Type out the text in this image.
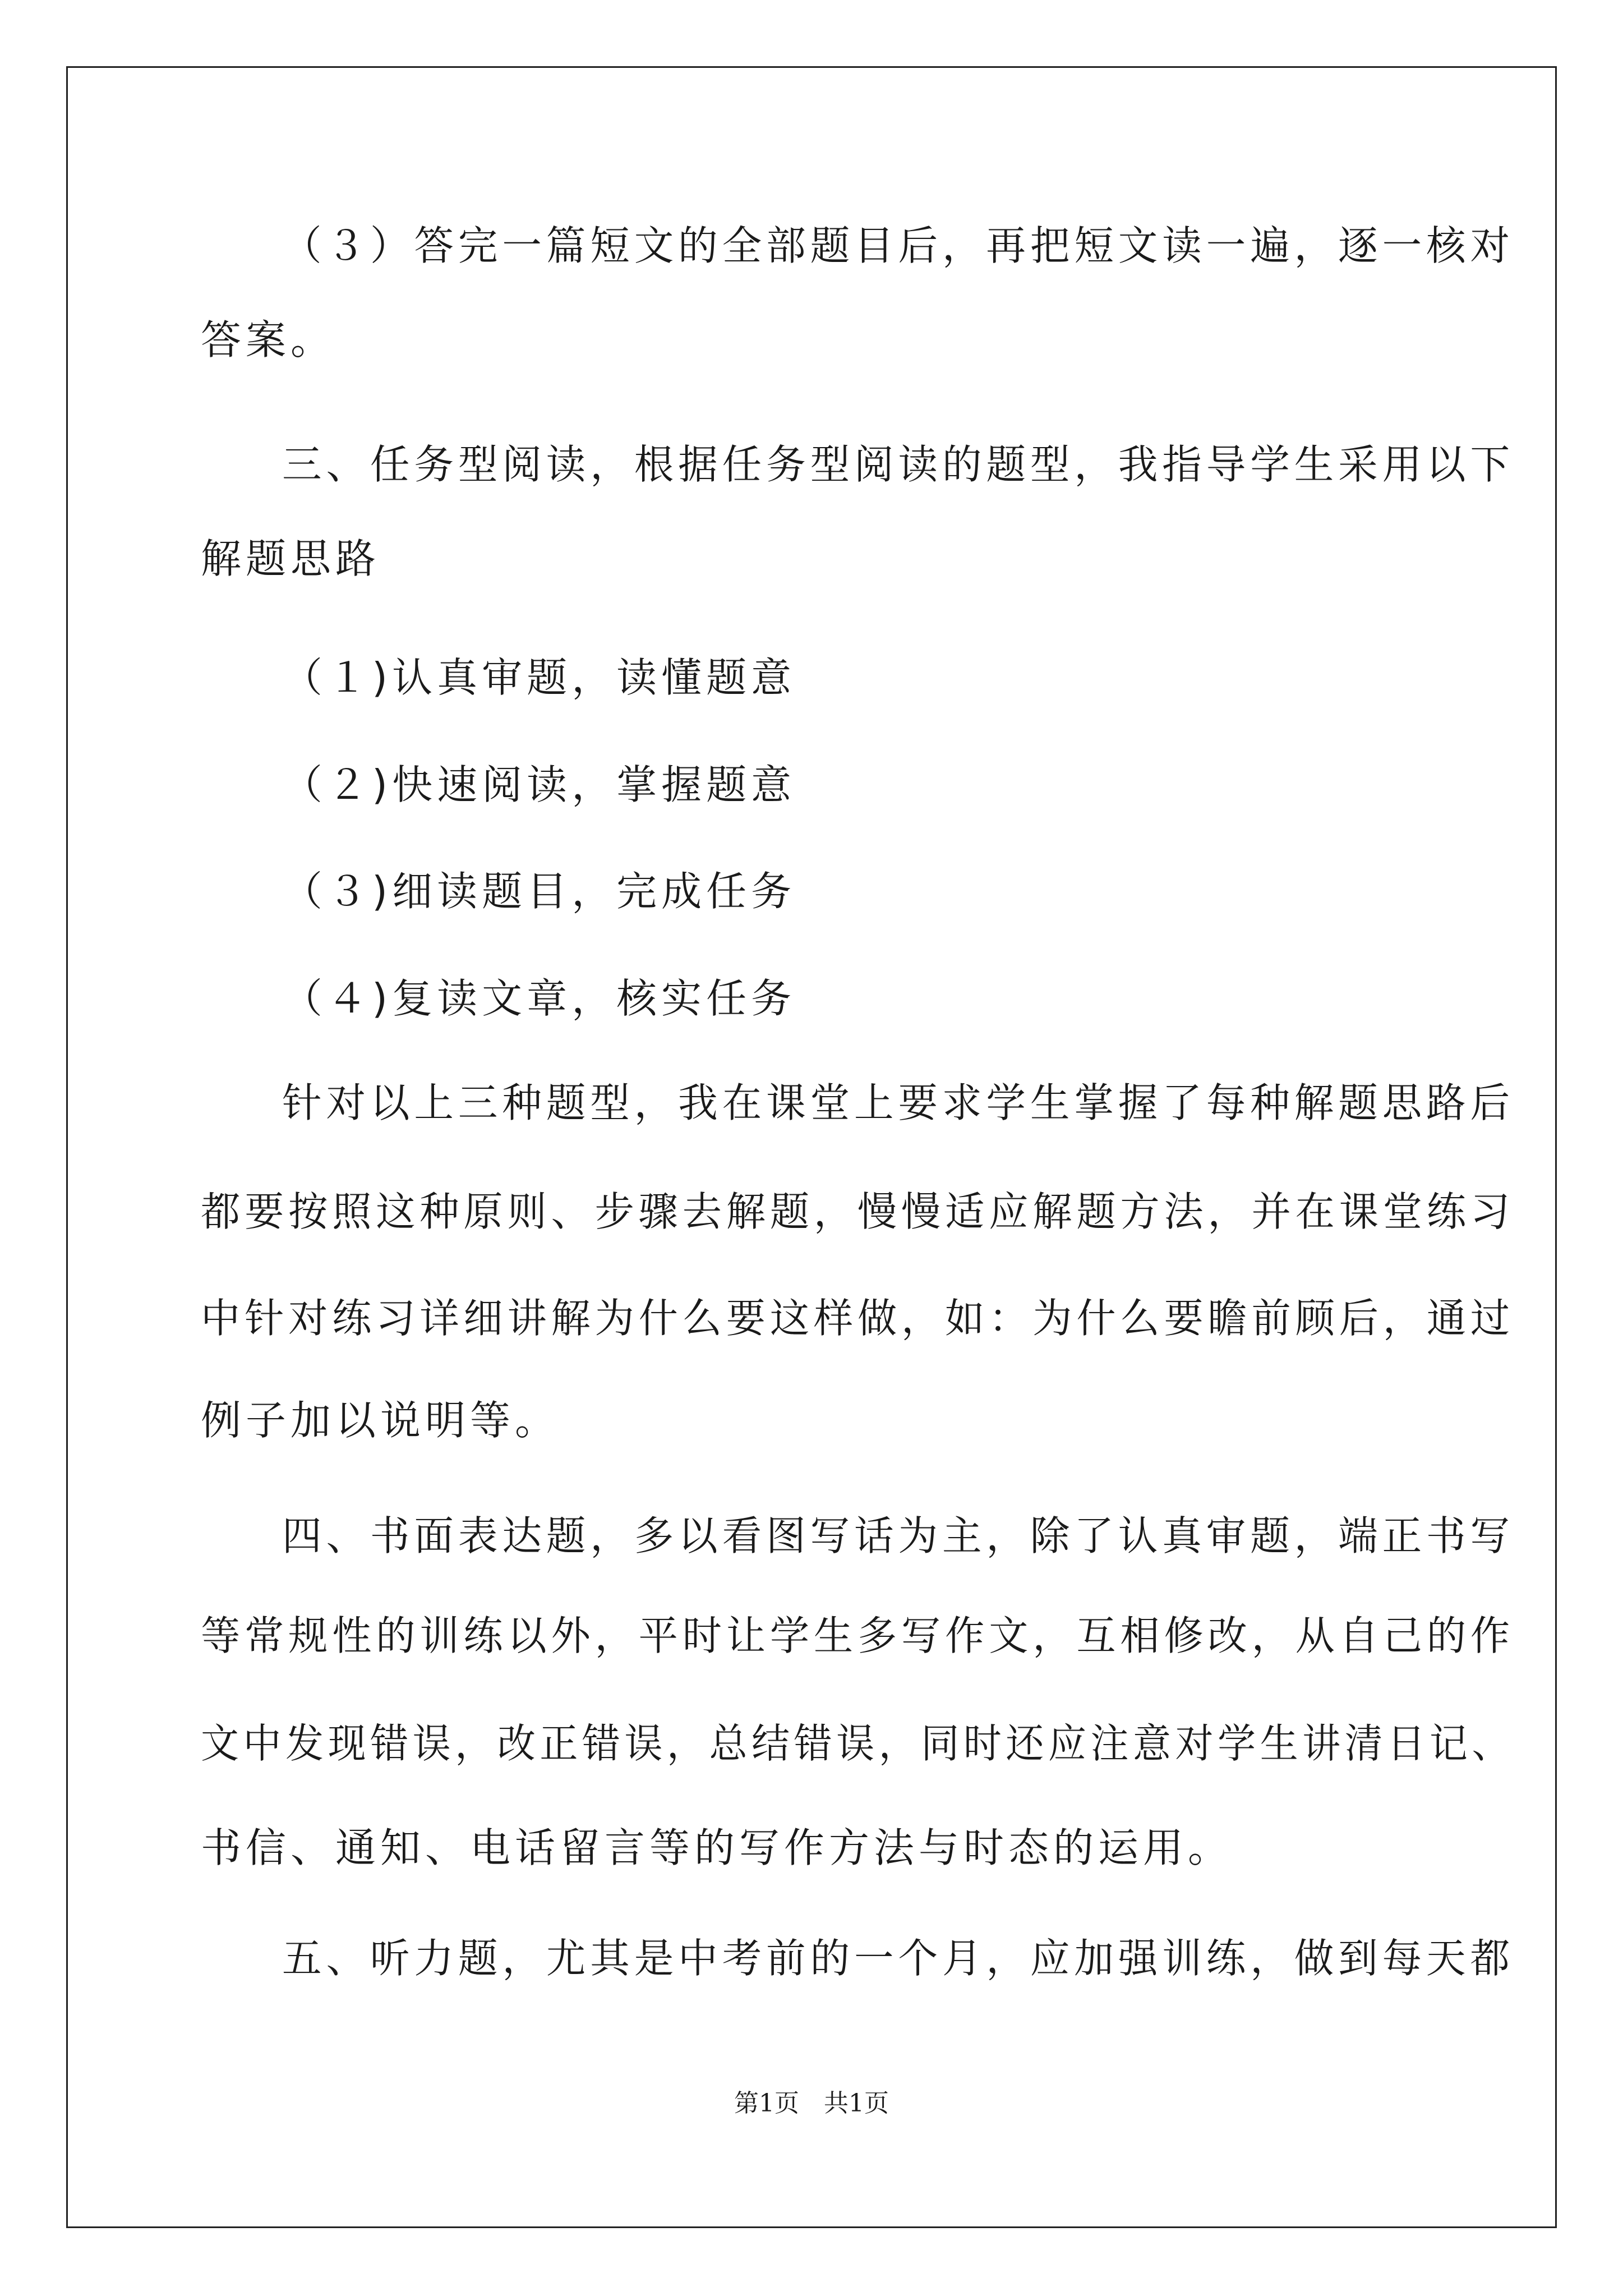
（３）答完一篇短文的全部题目后，再把短文读一遍，逐一核对
答案。
三、任务型阅读，根据任务型阅读的题型，我指导学生采用以下
解题思路
（１)认真审题，读懂题意
（２)快速阅读，掌握题意
（３)细读题目，完成任务
（４)复读文章，核实任务
针对以上三种题型，我在课堂上要求学生掌握了每种解题思路后
都要按照这种原则、步骤去解题，慢慢适应解题方法，并在课堂练习
中针对练习详细讲解为什么要这样做，如：为什么要瞻前顾后，通过
例子加以说明等。
四、书面表达题，多以看图写话为主，除了认真审题，端正书写
等常规性的训练以外，平时让学生多写作文，互相修改，从自己的作
文中发现错误，改正错误，总结错误，同时还应注意对学生讲清日记、
书信、通知、电话留言等的写作方法与时态的运用。
五、听力题，尤其是中考前的一个月，应加强训练，做到每天都
第1页　共1页
